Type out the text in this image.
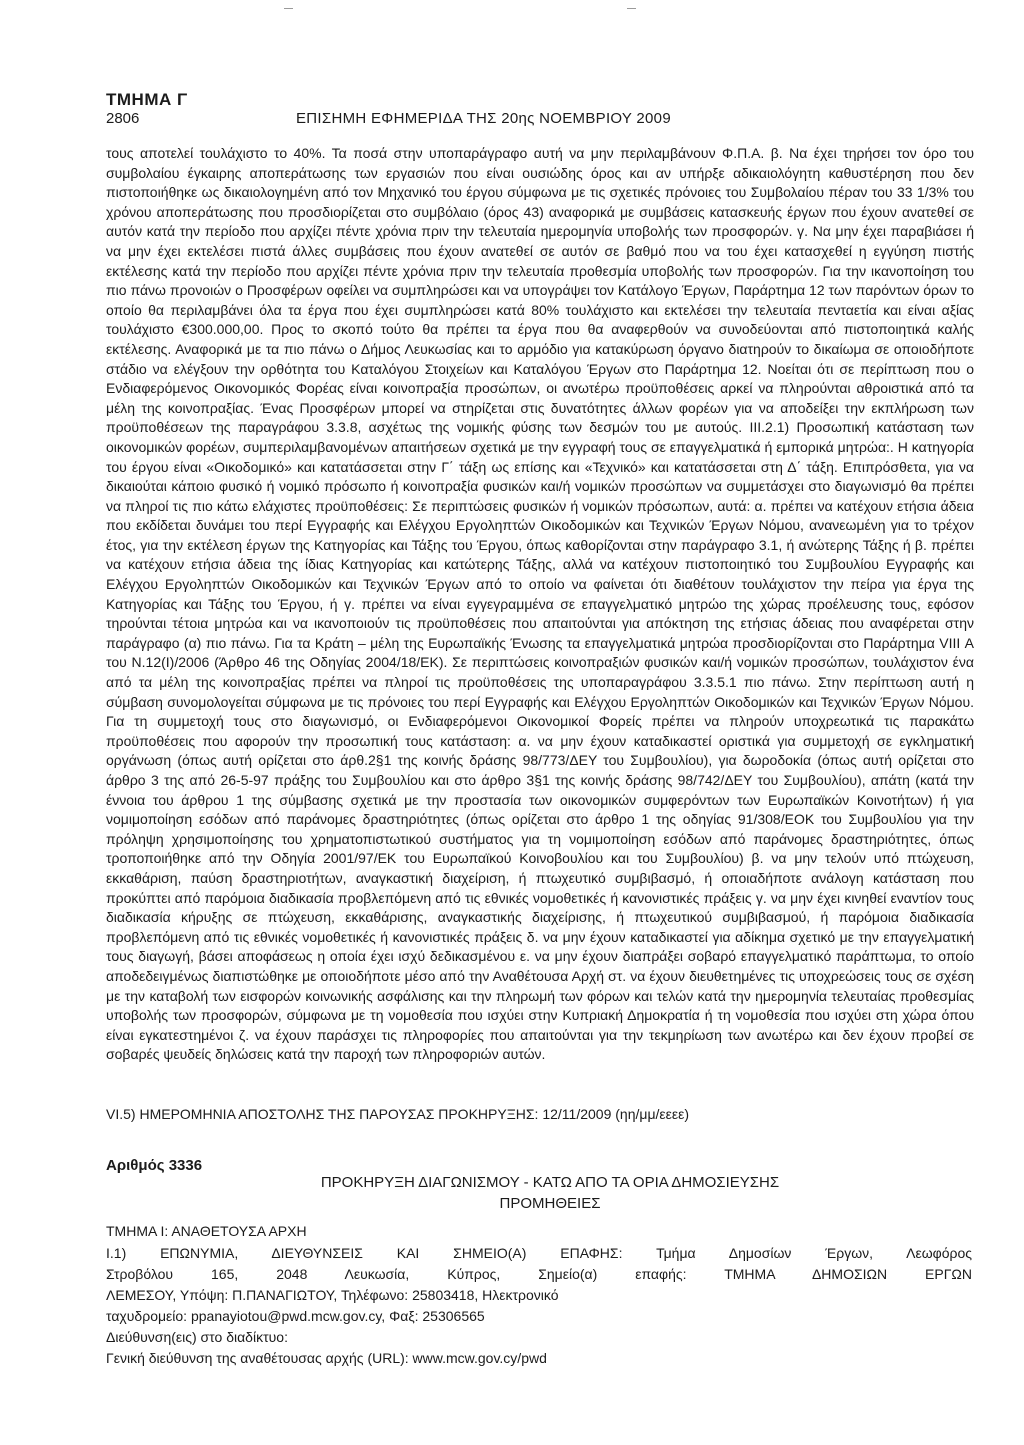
ΤΜΗΜΑ Γ
2806	ΕΠΙΣΗΜΗ ΕΦΗΜΕΡΙΔΑ ΤΗΣ 20ης ΝΟΕΜΒΡΙΟΥ 2009

τους αποτελεί τουλάχιστο το 40%. Τα ποσά στην υποπαράγραφο αυτή να μην περιλαμβάνουν Φ.Π.Α. β. Να έχει τηρήσει τον όρο του συμβολαίου έγκαιρης αποπεράτωσης των εργασιών που είναι ουσιώδης όρος και αν υπήρξε αδικαιολόγητη καθυστέρηση που δεν πιστοποιήθηκε ως δικαιολογημένη από τον Μηχανικό του έργου σύμφωνα με τις σχετικές πρόνοιες του Συμβολαίου πέραν του 33 1/3% του χρόνου αποπεράτωσης που προσδιορίζεται στο συμβόλαιο (όρος 43) αναφορικά με συμβάσεις κατασκευής έργων που έχουν ανατεθεί σε αυτόν κατά την περίοδο που αρχίζει πέντε χρόνια πριν την τελευταία ημερομηνία υποβολής των προσφορών. γ. Να μην έχει παραβιάσει ή να μην έχει εκτελέσει πιστά άλλες συμβάσεις που έχουν ανατεθεί σε αυτόν σε βαθμό που να του έχει κατασχεθεί η εγγύηση πιστής εκτέλεσης κατά την περίοδο που αρχίζει πέντε χρόνια πριν την τελευταία προθεσμία υποβολής των προσφορών. Για την ικανοποίηση του πιο πάνω προνοιών ο Προσφέρων οφείλει να συμπληρώσει και να υπογράψει τον Κατάλογο Έργων, Παράρτημα 12 των παρόντων όρων το οποίο θα περιλαμβάνει όλα τα έργα που έχει συμπληρώσει κατά 80% τουλάχιστο και εκτελέσει την τελευταία πενταετία και είναι αξίας τουλάχιστο €300.000,00. Προς το σκοπό τούτο θα πρέπει τα έργα που θα αναφερθούν να συνοδεύονται από πιστοποιητικά καλής εκτέλεσης. Αναφορικά με τα πιο πάνω ο Δήμος Λευκωσίας και το αρμόδιο για κατακύρωση όργανο διατηρούν το δικαίωμα σε οποιοδήποτε στάδιο να ελέγξουν την ορθότητα του Καταλόγου Στοιχείων και Καταλόγου Έργων στο Παράρτημα 12. Νοείται ότι σε περίπτωση που ο Ενδιαφερόμενος Οικονομικός Φορέας είναι κοινοπραξία προσώπων, οι ανωτέρω προϋποθέσεις αρκεί να πληρούνται αθροιστικά από τα μέλη της κοινοπραξίας. Ένας Προσφέρων μπορεί να στηρίζεται στις δυνατότητες άλλων φορέων για να αποδείξει την εκπλήρωση των προϋποθέσεων της παραγράφου 3.3.8, ασχέτως της νομικής φύσης των δεσμών του με αυτούς. ΙΙΙ.2.1) Προσωπική κατάσταση των οικονομικών φορέων, συμπεριλαμβανομένων απαιτήσεων σχετικά με την εγγραφή τους σε επαγγελματικά ή εμπορικά μητρώα:. Η κατηγορία του έργου είναι «Οικοδομικό» και κατατάσσεται στην Γ΄ τάξη ως επίσης και «Τεχνικό» και κατατάσσεται στη Δ΄ τάξη. Επιπρόσθετα, για να δικαιούται κάποιο φυσικό ή νομικό πρόσωπο ή κοινοπραξία φυσικών και/ή νομικών προσώπων να συμμετάσχει στο διαγωνισμό θα πρέπει να πληροί τις πιο κάτω ελάχιστες προϋποθέσεις: Σε περιπτώσεις φυσικών ή νομικών πρόσωπων, αυτά: α. πρέπει να κατέχουν ετήσια άδεια που εκδίδεται δυνάμει του περί Εγγραφής και Ελέγχου Εργοληπτών Οικοδομικών και Τεχνικών Έργων Νόμου, ανανεωμένη για το τρέχον έτος, για την εκτέλεση έργων της Κατηγορίας και Τάξης του Έργου, όπως καθορίζονται στην παράγραφο 3.1, ή ανώτερης Τάξης ή β. πρέπει να κατέχουν ετήσια άδεια της ίδιας Κατηγορίας και κατώτερης Τάξης, αλλά να κατέχουν πιστοποιητικό του Συμβουλίου Εγγραφής και Ελέγχου Εργοληπτών Οικοδομικών και Τεχνικών Έργων από το οποίο να φαίνεται ότι διαθέτουν τουλάχιστον την πείρα για έργα της Κατηγορίας και Τάξης του Έργου, ή γ. πρέπει να είναι εγγεγραμμένα σε επαγγελματικό μητρώο της χώρας προέλευσης τους, εφόσον τηρούνται τέτοια μητρώα και να ικανοποιούν τις προϋποθέσεις που απαιτούνται για απόκτηση της ετήσιας άδειας που αναφέρεται στην παράγραφο (α) πιο πάνω. Για τα Κράτη – μέλη της Ευρωπαϊκής Ένωσης τα επαγγελματικά μητρώα προσδιορίζονται στο Παράρτημα VIII Α του Ν.12(Ι)/2006 (Άρθρο 46 της Οδηγίας 2004/18/ΕΚ). Σε περιπτώσεις κοινοπραξιών φυσικών και/ή νομικών προσώπων, τουλάχιστον ένα από τα μέλη της κοινοπραξίας πρέπει να πληροί τις προϋποθέσεις της υποπαραγράφου 3.3.5.1 πιο πάνω. Στην περίπτωση αυτή η σύμβαση συνομολογείται σύμφωνα με τις πρόνοιες του περί Εγγραφής και Ελέγχου Εργοληπτών Οικοδομικών και Τεχνικών Έργων Νόμου. Για τη συμμετοχή τους στο διαγωνισμό, οι Ενδιαφερόμενοι Οικονομικοί Φορείς πρέπει να πληρούν υποχρεωτικά τις παρακάτω προϋποθέσεις που αφορούν την προσωπική τους κατάσταση: α. να μην έχουν καταδικαστεί οριστικά για συμμετοχή σε εγκληματική οργάνωση (όπως αυτή ορίζεται στο άρθ.2§1 της κοινής δράσης 98/773/ΔΕΥ του Συμβουλίου), για δωροδοκία (όπως αυτή ορίζεται στο άρθρο 3 της από 26-5-97 πράξης του Συμβουλίου και στο άρθρο 3§1 της κοινής δράσης 98/742/ΔΕΥ του Συμβουλίου), απάτη (κατά την έννοια του άρθρου 1 της σύμβασης σχετικά με την προστασία των οικονομικών συμφερόντων των Ευρωπαϊκών Κοινοτήτων) ή για νομιμοποίηση εσόδων από παράνομες δραστηριότητες (όπως ορίζεται στο άρθρο 1 της οδηγίας 91/308/ΕΟΚ του Συμβουλίου για την πρόληψη χρησιμοποίησης του χρηματοπιστωτικού συστήματος για τη νομιμοποίηση εσόδων από παράνομες δραστηριότητες, όπως τροποποιήθηκε από την Οδηγία 2001/97/ΕΚ του Ευρωπαϊκού Κοινοβουλίου και του Συμβουλίου) β. να μην τελούν υπό πτώχευση, εκκαθάριση, παύση δραστηριοτήτων, αναγκαστική διαχείριση, ή πτωχευτικό συμβιβασμό, ή οποιαδήποτε ανάλογη κατάσταση που προκύπτει από παρόμοια διαδικασία προβλεπόμενη από τις εθνικές νομοθετικές ή κανονιστικές πράξεις γ. να μην έχει κινηθεί εναντίον τους διαδικασία κήρυξης σε πτώχευση, εκκαθάρισης, αναγκαστικής διαχείρισης, ή πτωχευτικού συμβιβασμού, ή παρόμοια διαδικασία προβλεπόμενη από τις εθνικές νομοθετικές ή κανονιστικές πράξεις δ. να μην έχουν καταδικαστεί για αδίκημα σχετικό με την επαγγελματική τους διαγωγή, βάσει αποφάσεως η οποία έχει ισχύ δεδικασμένου ε. να μην έχουν διαπράξει σοβαρό επαγγελματικό παράπτωμα, το οποίο αποδεδειγμένως διαπιστώθηκε με οποιοδήποτε μέσο από την Αναθέτουσα Αρχή στ. να έχουν διευθετημένες τις υποχρεώσεις τους σε σχέση με την καταβολή των εισφορών κοινωνικής ασφάλισης και την πληρωμή των φόρων και τελών κατά την ημερομηνία τελευταίας προθεσμίας υποβολής των προσφορών, σύμφωνα με τη νομοθεσία που ισχύει στην Κυπριακή Δημοκρατία ή τη νομοθεσία που ισχύει στη χώρα όπου είναι εγκατεστημένοι ζ. να έχουν παράσχει τις πληροφορίες που απαιτούνται για την τεκμηρίωση των ανωτέρω και δεν έχουν προβεί σε σοβαρές ψευδείς δηλώσεις κατά την παροχή των πληροφοριών αυτών.

VI.5) ΗΜΕΡΟΜΗΝΙΑ ΑΠΟΣΤΟΛΗΣ ΤΗΣ ΠΑΡΟΥΣΑΣ ΠΡΟΚΗΡΥΞΗΣ: 12/11/2009 (ηη/μμ/εεεε)

Αριθμός 3336
ΠΡΟΚΗΡΥΞΗ ΔΙΑΓΩΝΙΣΜΟΥ - ΚΑΤΩ ΑΠΟ ΤΑ ΟΡΙΑ ΔΗΜΟΣΙΕΥΣΗΣ
ΠΡΟΜΗΘΕΙΕΣ
ΤΜΗΜΑ Ι: ΑΝΑΘΕΤΟΥΣΑ ΑΡΧΗ
Ι.1) ΕΠΩΝΥΜΙΑ, ΔΙΕΥΘΥΝΣΕΙΣ ΚΑΙ ΣΗΜΕΙΟ(Α) ΕΠΑΦΗΣ: Τμήμα Δημοσίων Έργων, Λεωφόρος
Στροβόλου 165, 2048 Λευκωσία, Κύπρος, Σημείο(α) επαφής: ΤΜΗΜΑ ΔΗΜΟΣΙΩΝ ΕΡΓΩΝ
ΛΕΜΕΣΟΥ, Υπόψη: Π.ΠΑΝΑΓΙΩΤΟΥ, Τηλέφωνο: 25803418, Ηλεκτρονικό
ταχυδρομείο: ppanayiotou@pwd.mcw.gov.cy, Φαξ: 25306565
Διεύθυνση(εις) στο διαδίκτυο:
Γενική διεύθυνση της αναθέτουσας αρχής (URL): www.mcw.gov.cy/pwd
